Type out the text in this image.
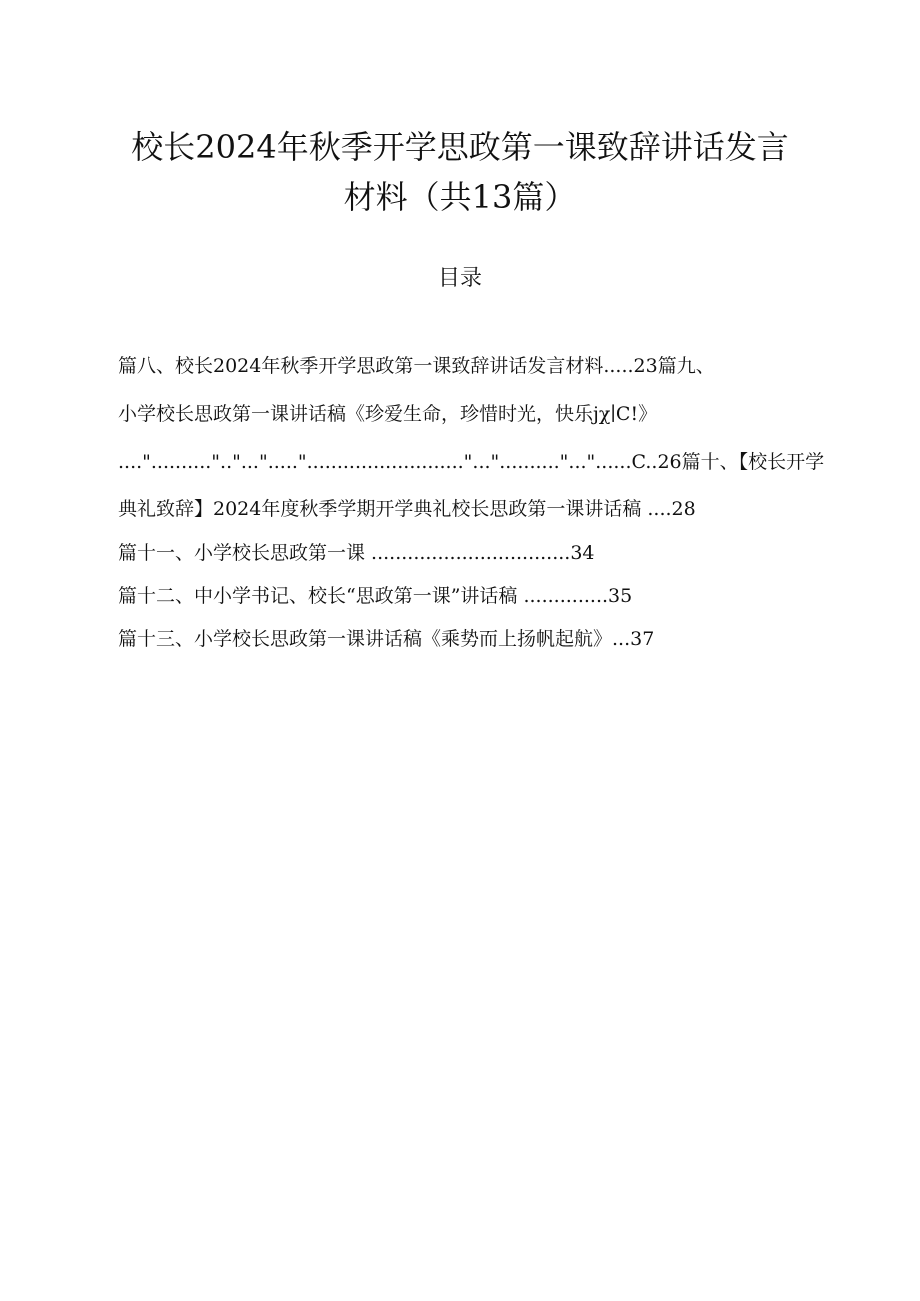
校长2024年秋季开学思政第一课致辞讲话发言
材料（共13篇）
目录
篇八、校长2024年秋季开学思政第一课致辞讲话发言材料.....23篇九、
小学校长思政第一课讲话稿《珍爱生命，珍惜时光，快乐jχ∣C!》
...."..........".."...".....".........................."...".........."..."......C..26篇十、【校长开学
典礼致辞】2024年度秋季学期开学典礼校长思政第一课讲话稿 ....28
篇十一、小学校长思政第一课 .................................34
篇十二、中小学书记、校长“思政第一课”讲话稿 ..............35
篇十三、小学校长思政第一课讲话稿《乘势而上扬帆起航》...37
